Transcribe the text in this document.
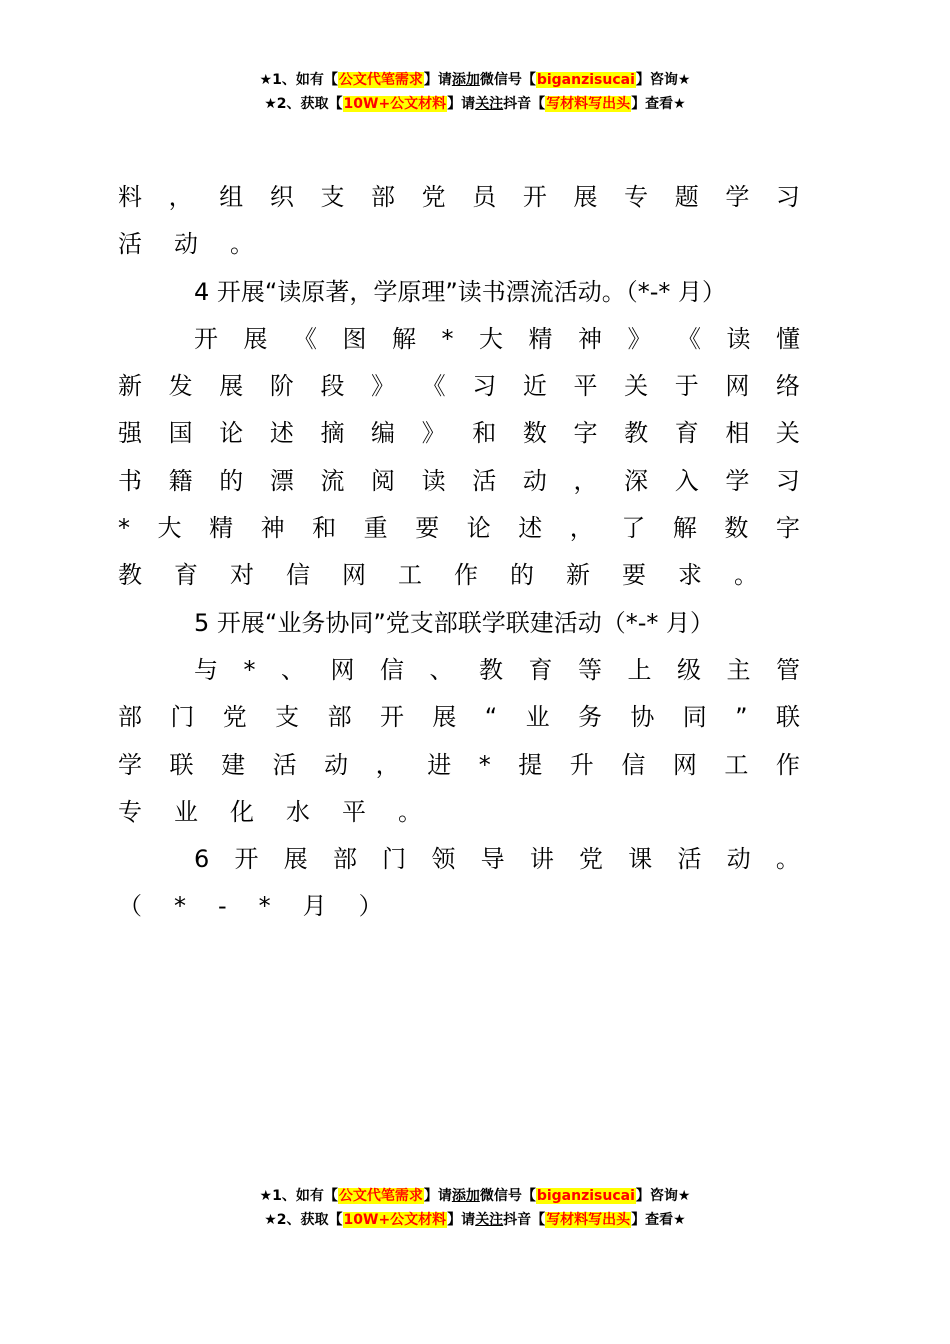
★1、如有【公文代笔需求】请添加微信号【biganzisucai】咨询★
★2、获取【10W+公文材料】请关注抖音【写材料写出头】查看★
料 ， 组 织 支 部 党 员 开 展 专 题 学 习
活 动 。
4 开展“读原著，学原理”读书漂流活动。（*-* 月）
开 展 《 图 解 * 大 精 神 》 《 读 懂
新 发 展 阶 段 》 《 习 近 平 关 于 网 络
强 国 论 述 摘 编 》 和 数 字 教 育 相 关
书 籍 的 漂 流 阅 读 活 动 ， 深 入 学 习
* 大 精 神 和 重 要 论 述 ， 了 解 数 字
教 育 对 信 网 工 作 的 新 要 求 。
5 开展“业务协同”党支部联学联建活动（*-* 月）
与 * 、 网 信 、 教 育 等 上 级 主 管
部 门 党 支 部 开 展 “ 业 务 协 同 ” 联
学 联 建 活 动 ， 进 * 提 升 信 网 工 作
专 业 化 水 平 。
6 开 展 部 门 领 导 讲 党 课 活 动 。
（ * - * 月 ）
★1、如有【公文代笔需求】请添加微信号【biganzisucai】咨询★
★2、获取【10W+公文材料】请关注抖音【写材料写出头】查看★
